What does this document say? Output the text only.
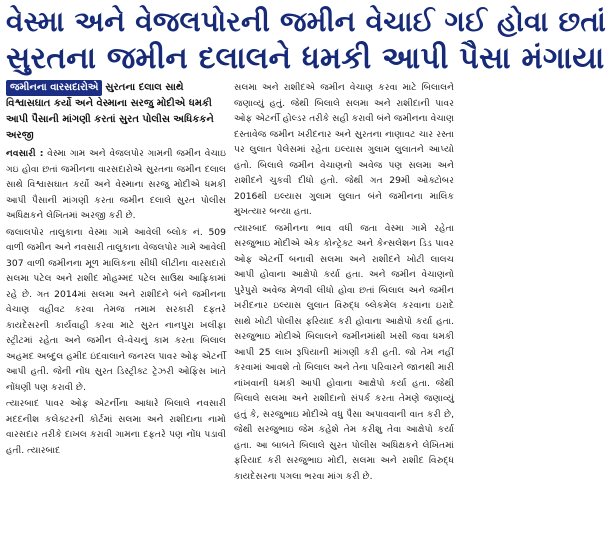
વેસ્મા અને વેજલપોરની જમીન વેચાઈ ગઈ હોવા છતાં
સુરતના જમીન દલાલને ધમકી આપી પૈસા મંગાયા
જમીનના વારસદારોએ સુરતના દલાલ સાથે વિશ્વાસઘાત કર્યો અને વેસ્માના સરજુ મોદીએ ધમકી આપી પૈસાની માંગણી કરતાં સુરત પોલીસ અધિકકને અરજી

નવસારી : વેસ્મા ગામ અને વેજલપોર ગામની જમીન વેચાઇ ગઇ હોવા છતાં જમીનના વારસદારોએ સુરતના જમીન દલાલ સાથે વિશ્વાસઘાત કર્યો અને વેસ્માના સરજુ મોદીએ ધમકી આપી પૈસાની માંગણી કરતા જમીન દલાલે સુરત પોલીસ અધિક્ષકને લેખિતમાં અરજી કરી છે.

જલાલપોર તાલુકાના વેસ્મા ગામે આવેલી બ્લોક નં. 509 વાળી જમીન અને નવસારી તાલુકાના વેજલપોર ગામે આવેલી 307 વાળી જમીનના મૂળ માલિકના સીધી લીટીના વારસદારો સલમા પટેલ અને રાશીદ મોહમ્મદ પટેલ સાઉથ આફ્રિકામાં રહે છે. ગત 2014માં સલમા અને રાશીદને બંને જમીનના વેચાણ વહીવટ કરવા તેમજ તમામ સરકારી દફતરે કાયદેસરની કાર્યવાહી કરવા માટે સુરત નાનપુરા ખલીફા સ્ટ્રીટમાં રહેતા અને જમીન લે-વેચનું કામ કરતા બિલાલ અહમદ અબ્દુલ હમીદ ઇંદવાલાને જનરલ પાવર ઓફ એટર્ની આપી હતી. જેની નોંધ સુરત ડિસ્ટ્રીક્ટ ટ્રેઝરી ઓફિસ ખાતે નોંધણી પણ કરાવી છે.

ત્યારબાદ પાવર ઓફ એટર્નીના આધારે બિલાલે નવસારી મદદનીશ કલેક્ટરની કોર્ટમાં સલમા અને રાશીદાના નામો વારસદાર તરીકે દાખલ કરાવી ગામના દફતરે પણ નોંધ પડાવી હતી. ત્યારબાદ

સલમા અને રાશીદએ જમીન વેચાણ કરવા માટે બિલાલને જણાવ્યું હતું. જેથી બિલાલે સલમા અને રાશીદાની પાવર ઓફ એટર્ની હોલ્ડર તરીકે સહી કરાવી બંને જમીનના વેચાણ દસ્તાવેજ જમીન ખરીદનાર અને સુરતના નાણાવટ ચાર રસ્તા પર લુલાત પેલેસમાં રહેતા ઇલ્યાસ ગુલામ લુલાતને આપ્યો હતો. બિલાલે જમીન વેચાણનો અવેજ પણ સલમા અને રાશીદને ચુકવી દીધો હતો. જેથી ગત 29મી ઓક્ટોબર 2016થી ઇલ્યાસ ગુલામ લુલાત બંને જમીનના માલિક મુખત્યાર બન્યા હતા.

ત્યારબાદ જમીનના ભાવ વધી જતા વેસ્મા ગામે રહેતા સરજુભાઇ મોદીએ એક કોન્ટ્રેક્ટ અને કેન્સલેશન ડિડ પાવર ઓફ એટર્ની બનાવી સલમા અને રાશીદને ખોટી લાલચ આપી હોવાના આક્ષેપો કર્યા હતા. અને જમીન વેચાણનો પુરેપુરો અવેજ મેળવી લીધો હોવા છતાં બિલાલ અને જમીન ખરીદનાર ઇલ્યાસ લુલાત વિરુદ્ધ બ્લેકમેલ કરવાના ઇરાદે સાથે ખોટી પોલીસ ફરિયાદ કરી હોવાના આક્ષેપો કર્યા હતા. સરજુભાઇ મોદીએ બિલાલને જમીનમાંથી ખસી જવા ધમકી આપી 25 લાખ રૂપિયાની માંગણી કરી હતી. જો તેમ નહીં કરવામાં આવશે તો બિલાલ અને તેના પરિવારને જાનથી મારી નાંખવાની ધમકી આપી હોવાના આક્ષેપો કર્યા હતા. જેથી બિલાલે સલમા અને રાશીદાનો સંપર્ક કરતા તેમણે જણાવ્યું હતું કે, સરજુભાઇ મોદીએ વધુ પૈસા અપાવવાની વાત કરી છે, જેથી સરજુભાઇ જેમ કહેશે તેમ કરીશુ તેવા આક્ષેપો કર્યા હતા. આ બાબતે બિલાલે સુરત પોલીસ અધિક્ષકને લેખિતમાં ફરિયાદ કરી સરજુભાઇ મોદી, સલમા અને રાશીદ વિરુદ્ધ કાયદેસરના પગલા ભરવા માંગ કરી છે.
